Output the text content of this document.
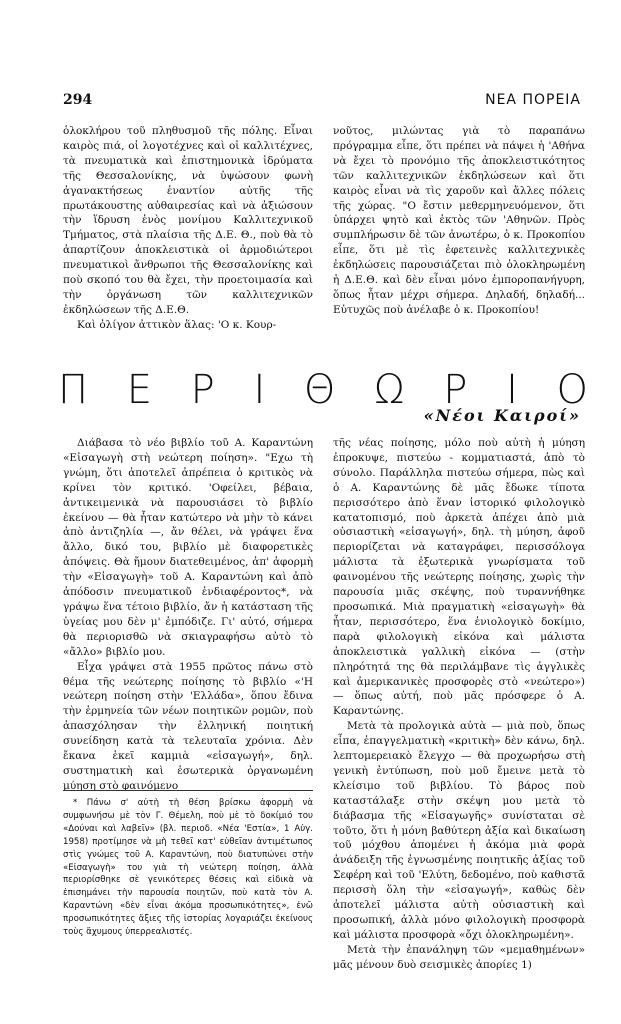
294	ΝΕΑ ΠΟΡΕΙΑ

ὁλοκλήρου τοῦ πληθυσμοῦ τῆς πόλης. Εἶναι καιρὸς πιά, οἱ λογοτέχνες καὶ οἱ καλλιτέχνες, τὰ πνευματικὰ καὶ ἐπιστημονικὰ ἱδρύματα τῆς Θεσσαλονίκης, νὰ ὑψώσουν φωνὴ ἀγανακτήσεως ἐναντίον αὐτῆς τῆς πρωτάκουστης αὐθαιρεσίας καὶ νὰ ἀξιώσουν τὴν ἵδρυση ἑνὸς μονίμου Καλλιτεχνικοῦ Τμήματος, στὰ πλαίσια τῆς Δ.Ε. Θ., ποὺ θὰ τὸ ἀπαρτίζουν ἀποκλειστικὰ οἱ ἁρμοδιώτεροι πνευματικοὶ ἄνθρωποι τῆς Θεσσαλονίκης καὶ ποὺ σκοπό του θὰ ἔχει, τὴν προετοιμασία καὶ τὴν ὀργάνωση τῶν καλλιτεχνικῶν ἐκδηλώσεων τῆς Δ.Ε.Θ.

Καὶ ὀλίγον ἀττικὸν ἅλας: 'Ο κ. Κουρ-

νοῦτος, μιλώντας γιὰ τὸ παραπάνω πρόγραμμα εἶπε, ὅτι πρέπει νὰ πάψει ἡ 'Αθήνα νὰ ἔχει τὸ προνόμιο τῆς ἀποκλειστικότητος τῶν καλλιτεχνικῶν ἐκδηλώσεων καὶ ὅτι καιρὸς εἶναι νὰ τὶς χαροῦν καὶ ἄλλες πόλεις τῆς χώρας. "Ο ἔστιν μεθερμηνευόμενον, ὅτι ὑπάρχει ψητὸ καὶ ἐκτὸς τῶν 'Αθηνῶν. Πρὸς συμπλήρωσιν δὲ τῶν ἀνωτέρω, ὁ κ. Προκοπίου εἶπε, ὅτι μὲ τὶς ἐφετεινὲς καλλιτεχνικὲς ἐκδηλώσεις παρουσιάζεται πιὸ ὁλοκληρωμένη ἡ Δ.Ε.Θ. καὶ δὲν εἶναι μόνο ἐμποροπανήγυρη, ὅπως ἦταν μέχρι σήμερα. Δηλαδή, δηλαδή... Εὐτυχῶς ποὺ ἀνέλαβε ὁ κ. Προκοπίου!

Π Ε Ρ Ι Θ Ω Ρ Ι Ο
«Νέοι Καιροί»

Διάβασα τὸ νέο βιβλίο τοῦ Α. Καραντώνη «Εἰσαγωγὴ στὴ νεώτερη ποίηση». "Εχω τὴ γνώμη, ὅτι ἀποτελεῖ ἀπρέπεια ὁ κριτικὸς νὰ κρίνει τὸν κριτικό. 'Οφείλει, βέβαια, ἀντικειμενικὰ νὰ παρουσιάσει τὸ βιβλίο ἐκείνου — θὰ ἦταν κατώτερο νὰ μὴν τὸ κάνει ἀπὸ ἀντιζηλία —, ἄν θέλει, νὰ γράψει ἕνα ἄλλο, δικό του, βιβλίο μὲ διαφορετικὲς ἀπόψεις. Θὰ ἤμουν διατεθειμένος, ἀπ' ἀφορμὴ τὴν «Εἰσαγωγὴ» τοῦ Α. Καραντώνη καὶ ἀπὸ ἀπόδοσιν πνευματικοῦ ἐνδιαφέροντος*, νὰ γράψω ἕνα τέτοιο βιβλίο, ἄν ἡ κατάσταση τῆς ὑγείας μου δὲν μ' ἐμπόδιζε. Γι' αὐτό, σήμερα θὰ περιορισθῶ νὰ σκιαγραφήσω αὐτὸ τὸ «ἄλλο» βιβλίο μου.

Εἶχα γράψει στὰ 1955 πρῶτος πάνω στὸ θέμα τῆς νεώτερης ποίησης τὸ βιβλίο «'Η νεώτερη ποίηση στὴν 'Ελλάδα», ὅπου ἔδινα τὴν ἑρμηνεία τῶν νέων ποιητικῶν ρομῶν, ποὺ ἀπασχόλησαν τὴν ἑλληνική ποιητική συνείδηση κατὰ τὰ τελευταῖα χρόνια. Δὲν ἔκανα ἑκεῖ καμμιὰ «εἰσαγωγή», δηλ. συστηματικὴ καὶ ἐσωτερικὰ ὀργανωμένη μύηση στὸ φαινόμενο

* Πάνω σ' αὐτὴ τὴ θέση βρίσκω ἀφορμὴ νὰ συμφωνήσω μὲ τὸν Γ. Θέμελη, ποὺ μὲ τὸ δοκίμιό του «Δούναι καὶ λαβεῖν» (βλ. περιοδ. «Νέα 'Εστία», 1 Αὐγ. 1958) προτίμησε νὰ μὴ τεθεῖ κατ' εὐθεῖαν ἀντιμέτωπος στὶς γνώμες τοῦ Α. Καραντώνη, ποὺ διατυπώνει στὴν «Εἰσαγωγὴ» του γιὰ τὴ νεώτερη ποίηση, ἀλλὰ περιορίσθηκε σὲ γενικότερες θέσεις καὶ εἰδικὰ νὰ ἐπισημάνει τὴν παρουσία ποιητῶν, ποὺ κατὰ τὸν Α. Καραντώνη «δὲν εἶναι ἀκόμα προσωπικότητες», ἐνῶ προσωπικότητες ἄξιες τῆς ἱστορίας λογαριάζει ἐκείνους τοὺς ἄχυμους ὑπερρεαλιστές.

τῆς νέας ποίησης, μόλο ποὺ αὐτὴ ἡ μύηση ἐπροκυψε, πιστεύω - κομματιαστά, ἀπὸ τὸ σύνολο. Παράλληλα πιστεύω σήμερα, πὼς καὶ ὁ Α. Καραντώνης δὲ μᾶς ἔδωκε τίποτα περισσότερο ἀπὸ ἕναν ἱστορικό φιλολογικὸ κατατοπισμό, ποὺ ἀρκετὰ ἀπέχει ἀπὸ μιὰ οὐσιαστικὴ «εἰσαγωγή», δηλ. τὴ μύηση, ἀφοῦ περιορίζεται νὰ καταγράφει, περισσόλογα μάλιστα τὰ ἐξωτερικὰ γνωρίσματα τοῦ φαινομένου τῆς νεώτερης ποίησης, χωρὶς τὴν παρουσία μιᾶς σκέψης, ποὺ τυραννήθηκε προσωπικά. Μιὰ πραγματικὴ «εἰσαγωγὴ» θὰ ἦταν, περισσότερο, ἕνα ἐνιολογικὸ δοκίμιο, παρὰ φιλολογικὴ εἰκόνα καὶ μάλιστα ἀποκλειστικὰ γαλλικὴ εἰκόνα — (στὴν πληρότητά της θὰ περιλάμβανε τὶς ἀγγλικὲς καὶ ἀμερικανικὲς προσφορὲς στὸ «νεώτερο») — ὅπως αὐτή, ποὺ μᾶς πρόσφερε ὁ Α. Καραντώνης.

Μετὰ τὰ προλογικὰ αὐτὰ — μιὰ ποὺ, ὅπως εἶπα, ἐπαγγελματικὴ «κριτικὴ» δὲν κάνω, δηλ. λεπτομερειακὸ ἔλεγχο — θὰ προχωρήσω στὴ γενικὴ ἐντύπωση, ποὺ μοῦ ἔμεινε μετὰ τὸ κλείσιμο τοῦ βιβλίου. Τὸ βάρος ποὺ καταστάλαξε στὴν σκέψη μου μετὰ τὸ διάβασμα τῆς «Εἰσαγωγῆς» συνίσταται σὲ τοῦτο, ὅτι ἡ μόνη βαθύτερη ἀξία καὶ δικαίωση τοῦ μόχθου ἀπομένει ἡ ἀκόμα μιὰ φορὰ ἀνάδειξη τῆς ἐγνωσμένης ποιητικῆς ἀξίας τοῦ Σεφέρη καὶ τοῦ 'Ελύτη, δεδομένο, ποὺ καθιστᾶ περισσὴ ὅλη τὴν «εἰσαγωγή», καθὼς δὲν ἀποτελεῖ μάλιστα αὐτὴ οὐσιαστικὴ καὶ προσωπική, ἀλλὰ μόνο φιλολογικὴ προσφορὰ καὶ μάλιστα προσφορὰ «ὄχι ὁλοκληρωμένη».

Μετὰ τὴν ἐπανάληψη τῶν «μεμαθημένων» μᾶς μένουν δυὸ σεισμικὲς ἀπορίες 1)
